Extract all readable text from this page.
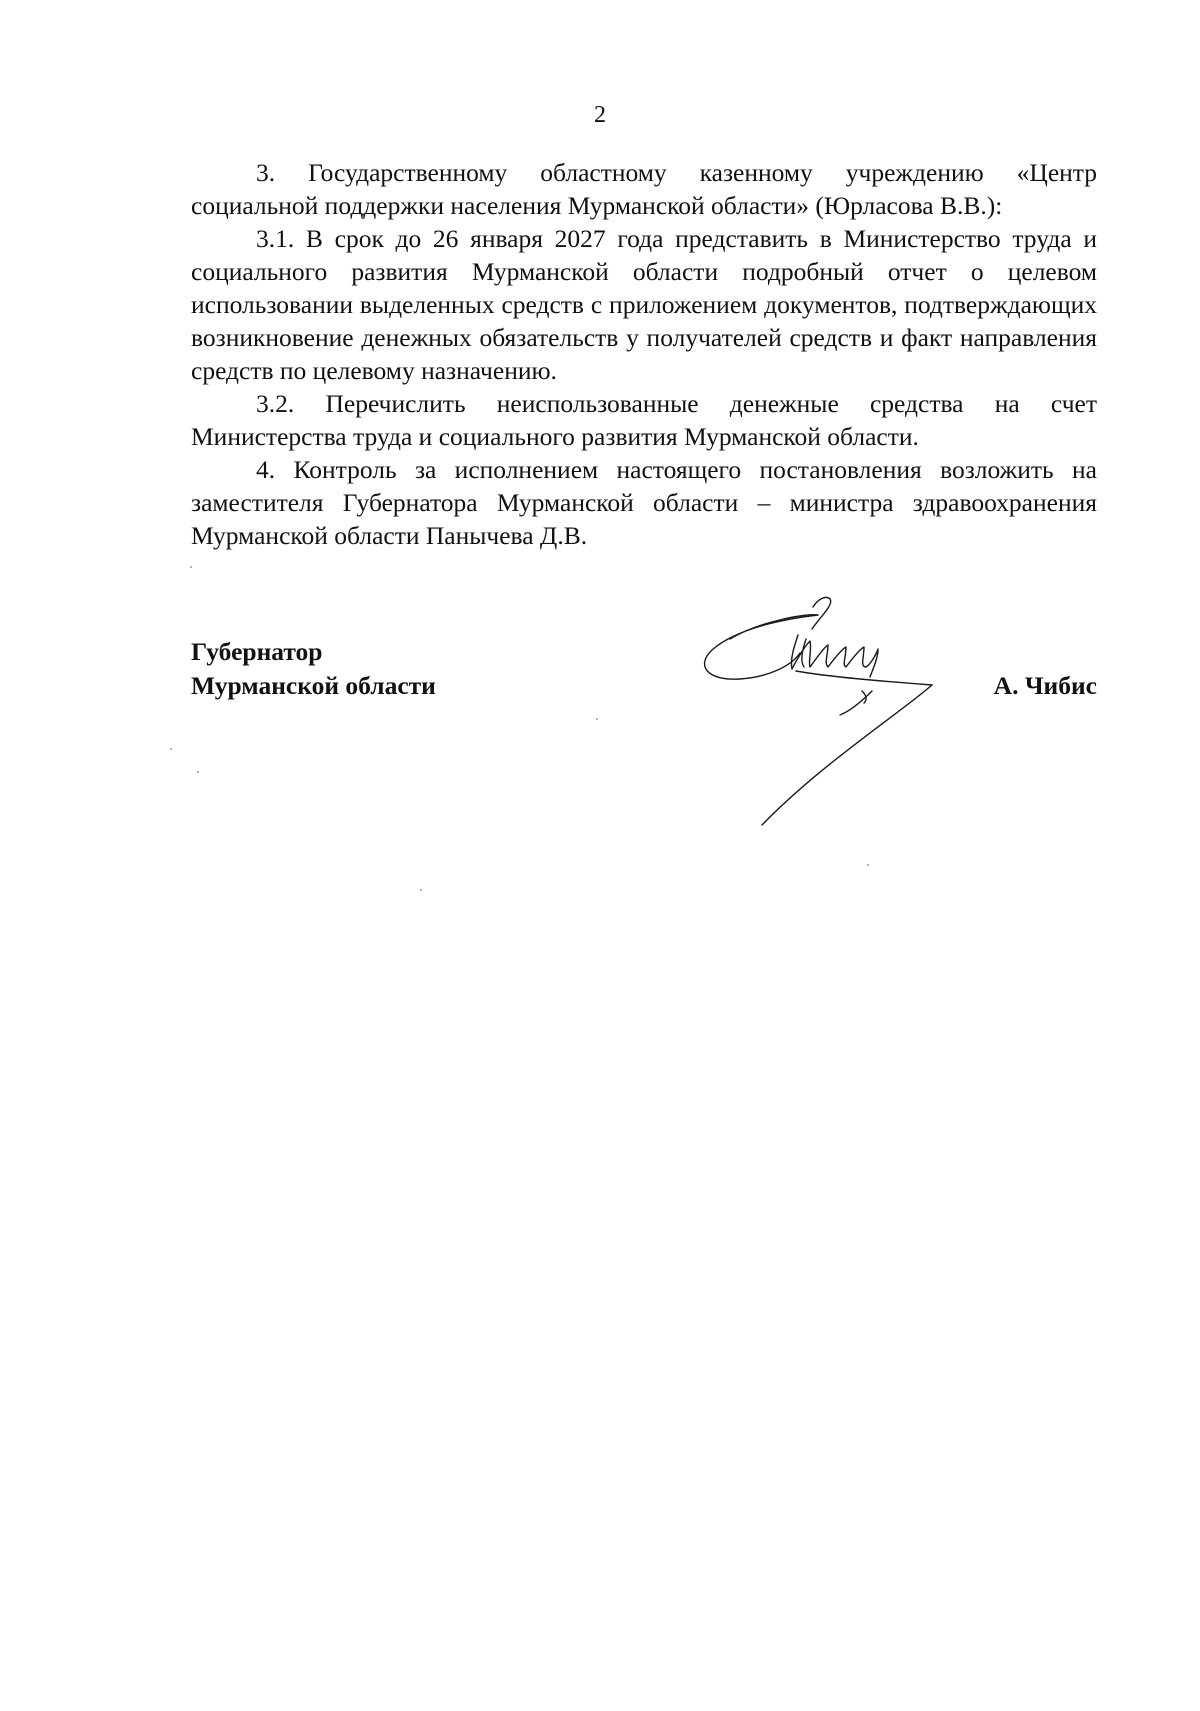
2

3. Государственному областному казенному учреждению «Центр социальной поддержки населения Мурманской области» (Юрласова В.В.):

3.1. В срок до 26 января 2027 года представить в Министерство труда и социального развития Мурманской области подробный отчет о целевом использовании выделенных средств с приложением документов, подтверждающих возникновение денежных обязательств у получателей средств и факт направления средств по целевому назначению.

3.2. Перечислить неиспользованные денежные средства на счет Министерства труда и социального развития Мурманской области.

4. Контроль за исполнением настоящего постановления возложить на заместителя Губернатора Мурманской области – министра здравоохранения Мурманской области Панычева Д.В.

Губернатор
Мурманской области	А. Чибис
